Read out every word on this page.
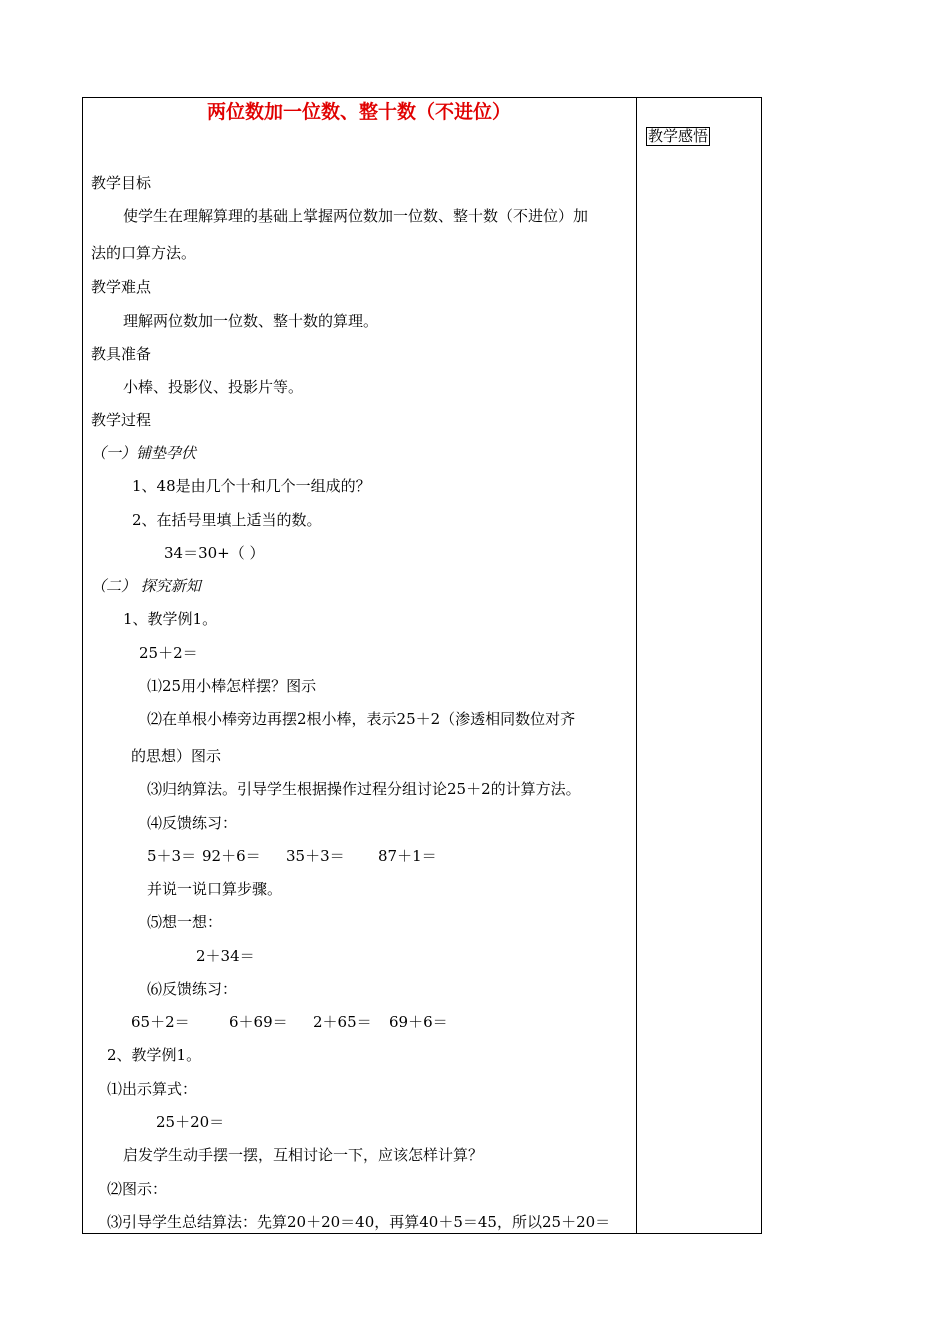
教学感悟
两位数加一位数、整十数（不进位）
教学目标
使学生在理解算理的基础上掌握两位数加一位数、整十数（不进位）加
法的口算方法。
教学难点
理解两位数加一位数、整十数的算理。
教具准备
小棒、投影仪、投影片等。
教学过程
（一）铺垫孕伏
1、48是由几个十和几个一组成的？
2、在括号里填上适当的数。
34＝30+（ ）
（二） 探究新知
1、教学例1。
25＋2＝
⑴25用小棒怎样摆？图示
⑵在单根小棒旁边再摆2根小棒，表示25＋2（渗透相同数位对齐
的思想）图示
⑶归纳算法。引导学生根据操作过程分组讨论25＋2的计算方法。
⑷反馈练习：
5＋3＝ 92＋6＝ 35＋3＝ 87＋1＝
并说一说口算步骤。
⑸想一想：
2＋34＝
⑹反馈练习：
65＋2＝	6＋69＝ 2＋65＝ 69＋6＝
2、教学例1。
⑴出示算式：
25＋20＝
启发学生动手摆一摆，互相讨论一下，应该怎样计算？
⑵图示：
⑶引导学生总结算法：先算20＋20＝40，再算40＋5＝45，所以25＋20＝
